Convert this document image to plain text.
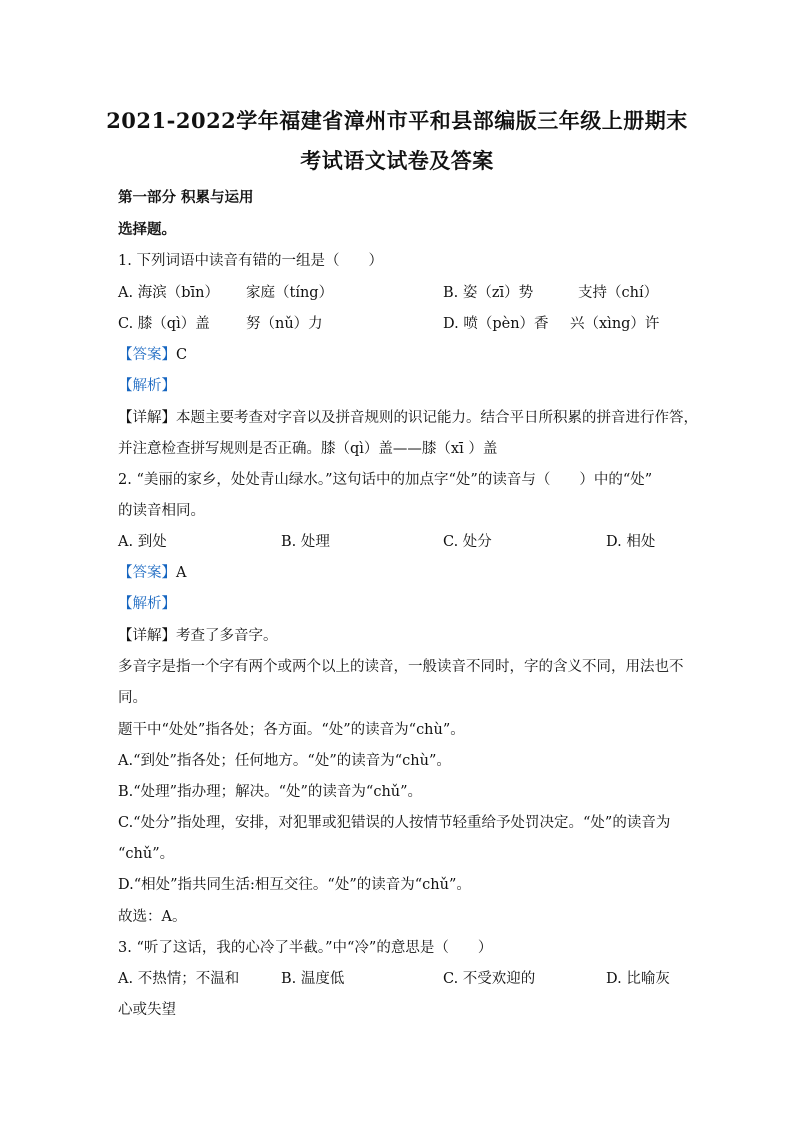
2021-2022学年福建省漳州市平和县部编版三年级上册期末
考试语文试卷及答案
第一部分 积累与运用
选择题。
1. 下列词语中读音有错的一组是（　　）
A. 海滨（bīn） 家庭（tíng）	B. 姿（zī）势	支持（chí）
C. 膝（qì）盖	努（nǔ）力	D. 喷（pèn）香 兴（xìng）许
【答案】C
【解析】
【详解】本题主要考查对字音以及拼音规则的识记能力。结合平日所积累的拼音进行作答，
并注意检查拼写规则是否正确。膝（qì）盖——膝（xī ）盖
2. “美丽的家乡，处处青山绿水。”这句话中的加点字“处”的读音与（　　）中的“处”
的读音相同。
A. 到处	B. 处理	C. 处分	D. 相处
【答案】A
【解析】
【详解】考查了多音字。
多音字是指一个字有两个或两个以上的读音，一般读音不同时，字的含义不同，用法也不
同。
题干中“处处”指各处；各方面。“处”的读音为“chù”。
A.“到处”指各处；任何地方。“处”的读音为“chù”。
B.“处理”指办理；解决。“处”的读音为“chǔ”。
C.“处分”指处理，安排，对犯罪或犯错误的人按情节轻重给予处罚决定。“处”的读音为
“chǔ”。
D.“相处”指共同生活:相互交往。“处”的读音为“chǔ”。
故选：A。
3. “听了这话，我的心冷了半截。”中“冷”的意思是（　　）
A. 不热情；不温和	B. 温度低	C. 不受欢迎的	D. 比喻灰
心或失望
